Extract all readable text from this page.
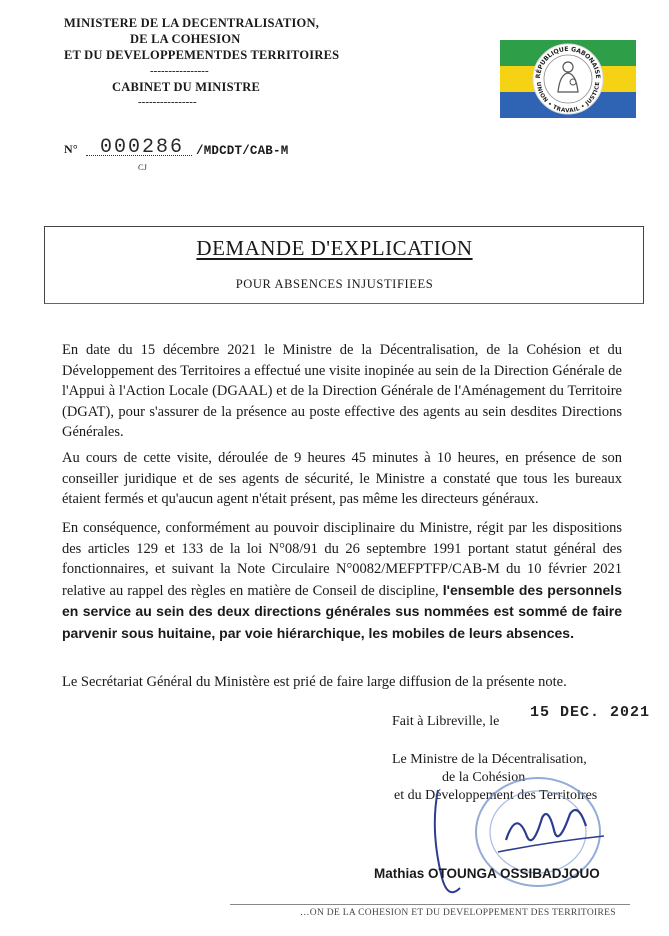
MINISTERE DE LA DECENTRALISATION,
DE LA COHESION
ET DU DEVELOPPEMENTDES TERRITOIRES
----------------
CABINET DU MINISTRE
----------------
N° 000286 /MDCDT/CAB-M
CJ
RÉPUBLIQUE GABONAISE
UNION • TRAVAIL • JUSTICE
DEMANDE D'EXPLICATION
POUR ABSENCES INJUSTIFIEES
En date du 15 décembre 2021 le Ministre de la Décentralisation, de la Cohésion et du Développement des Territoires a effectué une visite inopinée au sein de la Direction Générale de l'Appui à l'Action Locale (DGAAL) et de la Direction Générale de l'Aménagement du Territoire (DGAT), pour s'assurer de la présence au poste effective des agents au sein desdites Directions Générales.
Au cours de cette visite, déroulée de 9 heures 45 minutes à 10 heures, en présence de son conseiller juridique et de ses agents de sécurité, le Ministre a constaté que tous les bureaux étaient fermés et qu'aucun agent n'était présent, pas même les directeurs généraux.
En conséquence, conformément au pouvoir disciplinaire du Ministre, régit par les dispositions des articles 129 et 133 de la loi N°08/91 du 26 septembre 1991 portant statut général des fonctionnaires, et suivant la Note Circulaire N°0082/MEFPTFP/CAB-M du 10 février 2021 relative au rappel des règles en matière de Conseil de discipline, l'ensemble des personnels en service au sein des deux directions générales sus nommées est sommé de faire parvenir sous huitaine, par voie hiérarchique, les mobiles de leurs absences.
Le Secrétariat Général du Ministère est prié de faire large diffusion de la présente note.
Fait à Libreville, le
15 DEC. 2021
Le Ministre de la Décentralisation,
de la Cohésion
et du Développement des Territoires
Mathias OTOUNGA OSSIBADJOUO
…ON DE LA COHESION ET DU DEVELOPPEMENT DES TERRITOIRES
